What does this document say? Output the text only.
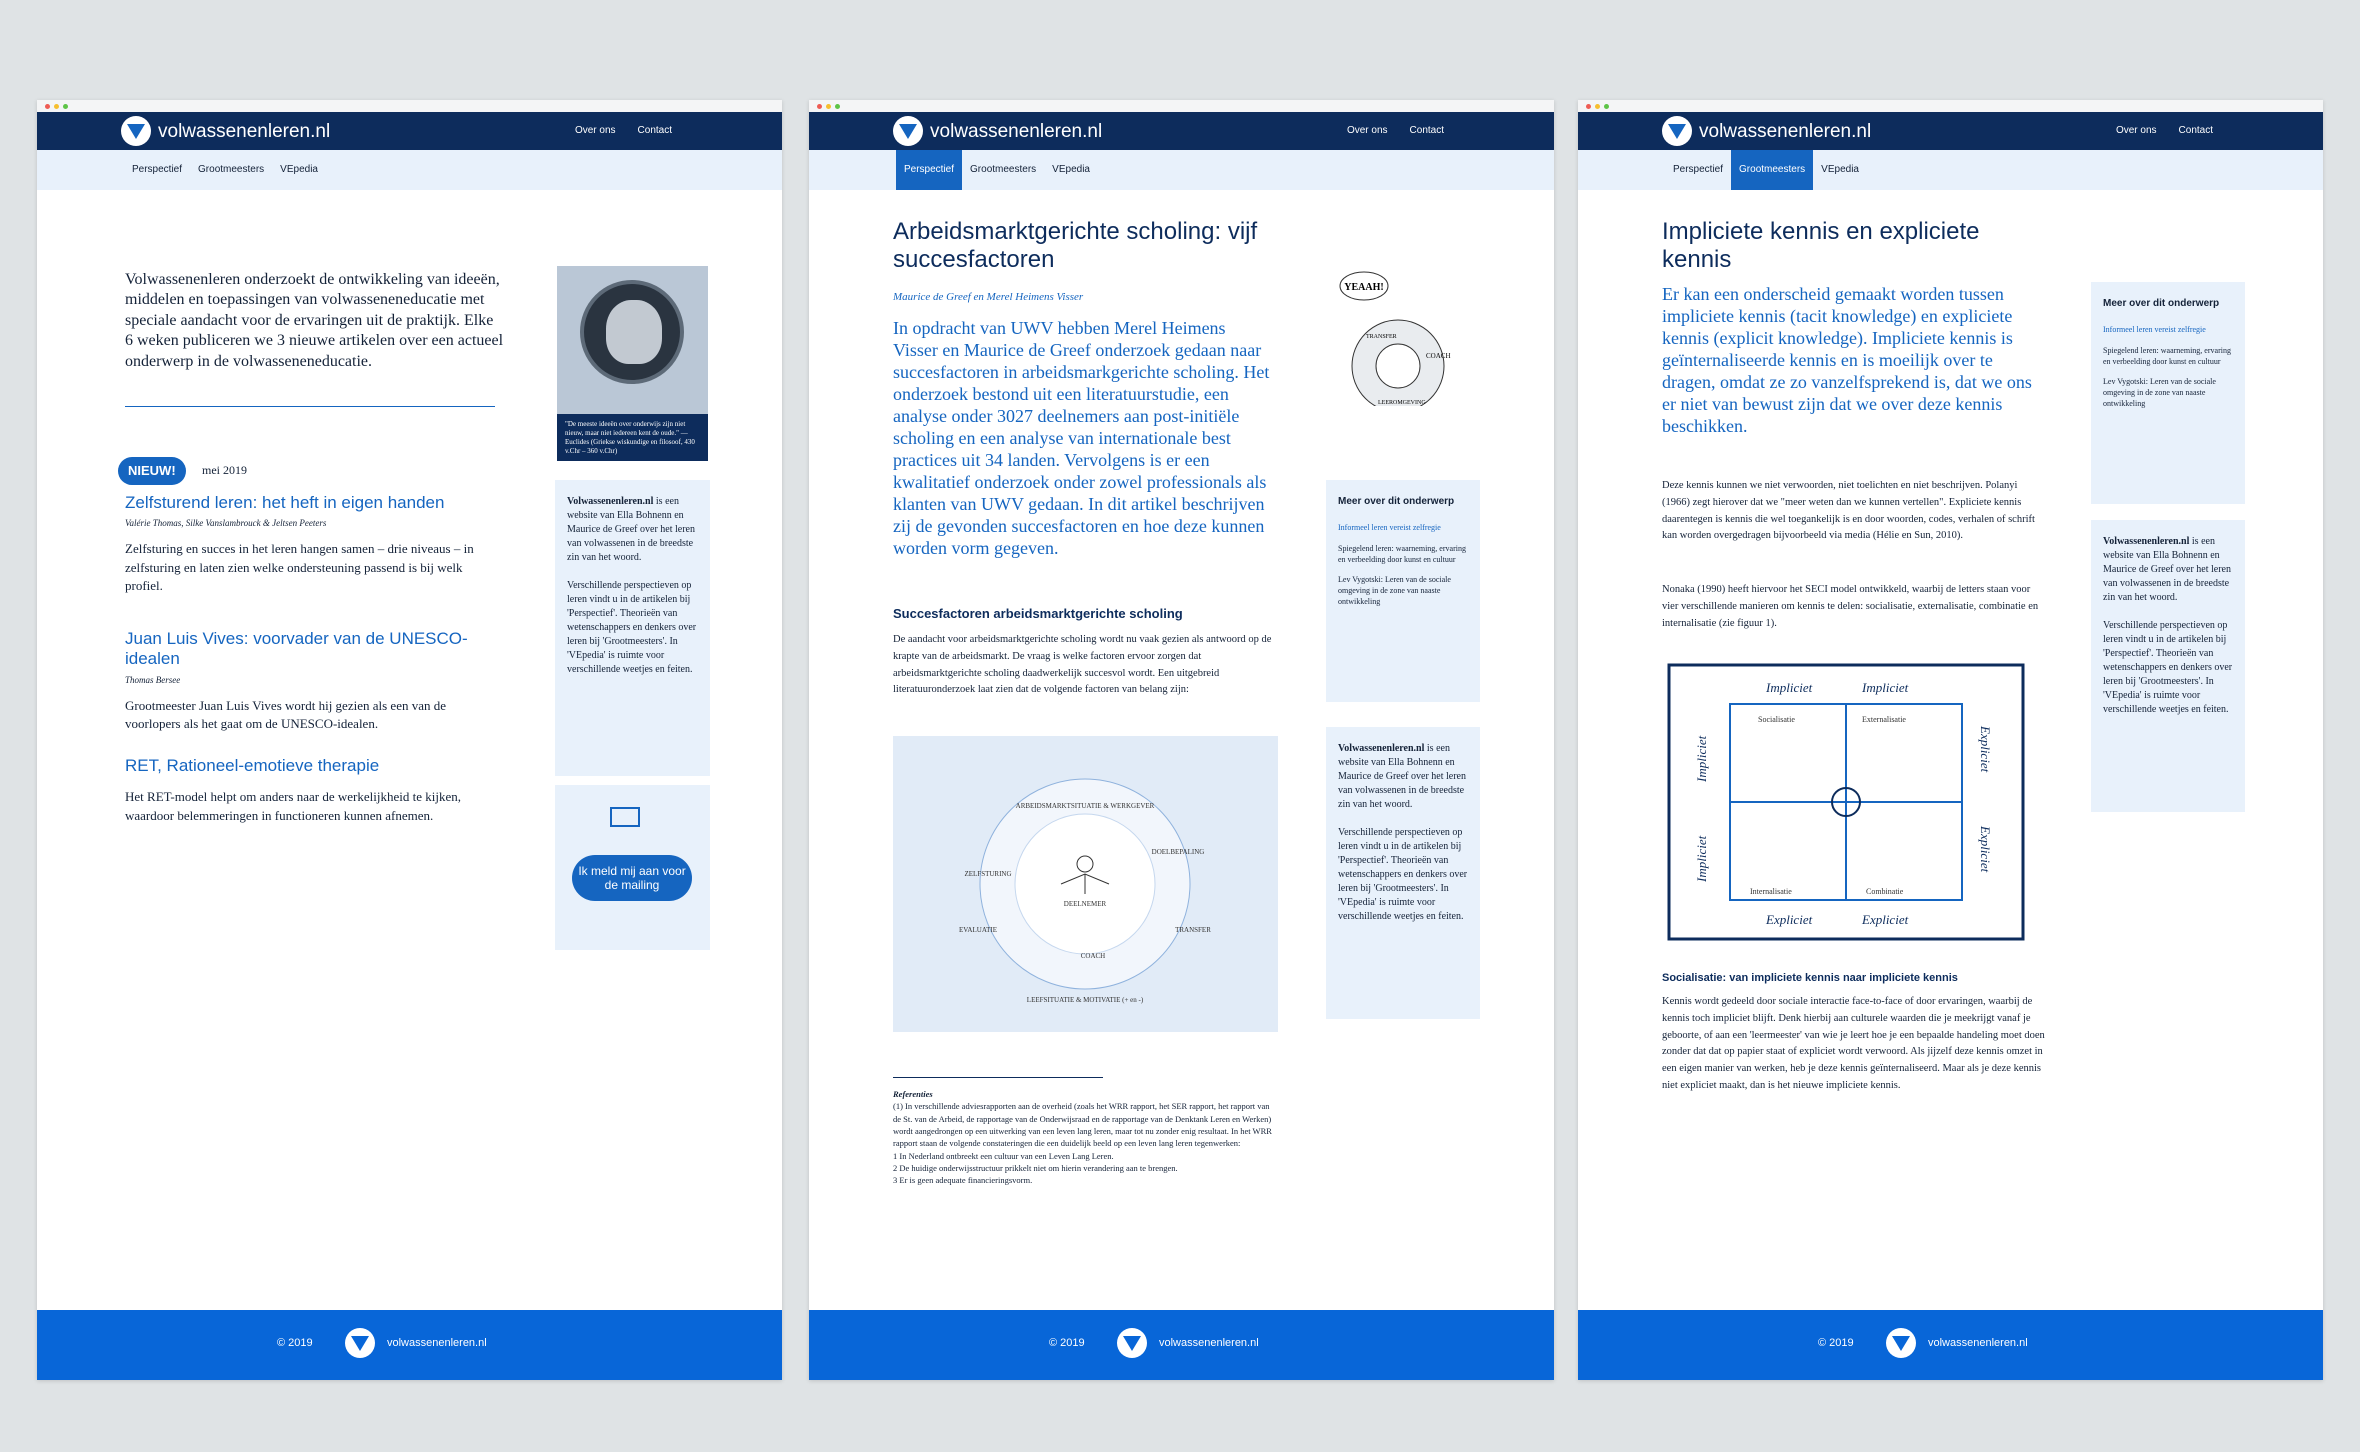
volwassenenleren.nl	Over ons Contact
Perspectief Grootmeesters VEpedia
Volwassenenleren onderzoekt de ontwikkeling van ideeën, middelen en toepassingen van volwasseneneducatie met speciale aandacht voor de ervaringen uit de praktijk. Elke 6 weken publiceren we 3 nieuwe artikelen over een actueel onderwerp in de volwasseneneducatie.
NIEUW!	mei 2019
Zelfsturend leren: het heft in eigen handen
Valérie Thomas, Silke Vanslambrouck & Jeltsen Peeters

Zelfsturing en succes in het leren hangen samen – drie niveaus – in zelfsturing en laten zien welke ondersteuning passend is bij welk profiel.

Juan Luis Vives: voorvader van de UNESCO-idealen
Thomas Bersee

Grootmeester Juan Luis Vives wordt hij gezien als een van de voorlopers als het gaat om de UNESCO-idealen.

RET, Rationeel-emotieve therapie

Het RET-model helpt om anders naar de werkelijkheid te kijken, waardoor belemmeringen in functioneren kunnen afnemen.

"De meeste ideeën over onderwijs zijn niet nieuw, maar niet iedereen kent de oude." — Euclides (Griekse wiskundige en filosoof, 430 v.Chr – 360 v.Chr)

Volwassenenleren.nl is een website van Ella Bohnenn en Maurice de Greef over het leren van volwassenen in de breedste zin van het woord.

Verschillende perspectieven op leren vindt u in de artikelen bij 'Perspectief'. Theorieën van wetenschappers en denkers over leren bij 'Grootmeesters'. In 'VEpedia' is ruimte voor verschillende weetjes en feiten.

Ik meld mij aan voor de mailing
© 2019	volwassenenleren.nl
volwassenenleren.nl	Over ons Contact
Perspectief Grootmeesters VEpedia
Arbeidsmarktgerichte scholing: vijf succesfactoren
Maurice de Greef en Merel Heimens Visser
In opdracht van UWV hebben Merel Heimens Visser en Maurice de Greef onderzoek gedaan naar succesfactoren in arbeidsmarkgerichte scholing. Het onderzoek bestond uit een literatuurstudie, een analyse onder 3027 deelnemers aan post-initiële scholing en een analyse van internationale best practices uit 34 landen. Vervolgens is er een kwalitatief onderzoek onder zowel professionals als klanten van UWV gedaan. In dit artikel beschrijven zij de gevonden succesfactoren en hoe deze kunnen worden vorm gegeven.
Succesfactoren arbeidsmarktgerichte scholing
De aandacht voor arbeidsmarktgerichte scholing wordt nu vaak gezien als antwoord op de krapte van de arbeidsmarkt. De vraag is welke factoren ervoor zorgen dat arbeidsmarktgerichte scholing daadwerkelijk succesvol wordt. Een uitgebreid literatuuronderzoek laat zien dat de volgende factoren van belang zijn:
ARBEIDSMARKTSITUATIE & WERKGEVER
DOELBEPALING
ZELFSTURING
DEELNEMER
TRANSFER
EVALUATIE
COACH
LEEFSITUATIE & MOTIVATIE (+ en -)
Referenties
(1) In verschillende adviesrapporten aan de overheid (zoals het WRR rapport, het SER rapport, het rapport van de St. van de Arbeid, de rapportage van de Onderwijsraad en de rapportage van de Denktank Leren en Werken) wordt aangedrongen op een uitwerking van een leven lang leren, maar tot nu zonder enig resultaat. In het WRR rapport staan de volgende constateringen die een duidelijk beeld op een leven lang leren tegenwerken:
1 In Nederland ontbreekt een cultuur van een Leven Lang Leren.
2 De huidige onderwijsstructuur prikkelt niet om hierin verandering aan te brengen.
3 Er is geen adequate financieringsvorm.
YEAAH!
COACH
TRANSFER
LEEROMGEVING

Meer over dit onderwerp

Informeel leren vereist zelfregie

Spiegelend leren: waarneming, ervaring en verbeelding door kunst en cultuur

Lev Vygotski: Leren van de sociale omgeving in de zone van naaste ontwikkeling

Volwassenenleren.nl is een website van Ella Bohnenn en Maurice de Greef over het leren van volwassenen in de breedste zin van het woord.

Verschillende perspectieven op leren vindt u in de artikelen bij 'Perspectief'. Theorieën van wetenschappers en denkers over leren bij 'Grootmeesters'. In 'VEpedia' is ruimte voor verschillende weetjes en feiten.

© 2019	volwassenenleren.nl
volwassenenleren.nl	Over ons Contact
Perspectief Grootmeesters VEpedia
Impliciete kennis en expliciete kennis
Er kan een onderscheid gemaakt worden tussen impliciete kennis (tacit knowledge) en expliciete kennis (explicit knowledge). Impliciete kennis is geïnternaliseerde kennis en is moeilijk over te dragen, omdat ze zo vanzelfsprekend is, dat we ons er niet van bewust zijn dat we over deze kennis beschikken.
Deze kennis kunnen we niet verwoorden, niet toelichten en niet beschrijven. Polanyi (1966) zegt hierover dat we "meer weten dan we kunnen vertellen". Expliciete kennis daarentegen is kennis die wel toegankelijk is en door woorden, codes, verhalen of schrift kan worden overgedragen bijvoorbeeld via media (Hélie en Sun, 2010).
Nonaka (1990) heeft hiervoor het SECI model ontwikkeld, waarbij de letters staan voor vier verschillende manieren om kennis te delen: socialisatie, externalisatie, combinatie en internalisatie (zie figuur 1).
Impliciet	Impliciet
Expliciet	Expliciet
Impliciet
Impliciet
Expliciet
Expliciet
Socialisatie	Externalisatie
Internalisatie	Combinatie
Socialisatie: van impliciete kennis naar impliciete kennis
Kennis wordt gedeeld door sociale interactie face-to-face of door ervaringen, waarbij de kennis toch impliciet blijft. Denk hierbij aan culturele waarden die je meekrijgt vanaf je geboorte, of aan een 'leermeester' van wie je leert hoe je een bepaalde handeling moet doen zonder dat dat op papier staat of expliciet wordt verwoord. Als jijzelf deze kennis omzet in een eigen manier van werken, heb je deze kennis geïnternaliseerd. Maar als je deze kennis niet expliciet maakt, dan is het nieuwe impliciete kennis.

Meer over dit onderwerp

Informeel leren vereist zelfregie

Spiegelend leren: waarneming, ervaring en verbeelding door kunst en cultuur

Lev Vygotski: Leren van de sociale omgeving in de zone van naaste ontwikkeling

Volwassenenleren.nl is een website van Ella Bohnenn en Maurice de Greef over het leren van volwassenen in de breedste zin van het woord.

Verschillende perspectieven op leren vindt u in de artikelen bij 'Perspectief'. Theorieën van wetenschappers en denkers over leren bij 'Grootmeesters'. In 'VEpedia' is ruimte voor verschillende weetjes en feiten.

© 2019	volwassenenleren.nl
